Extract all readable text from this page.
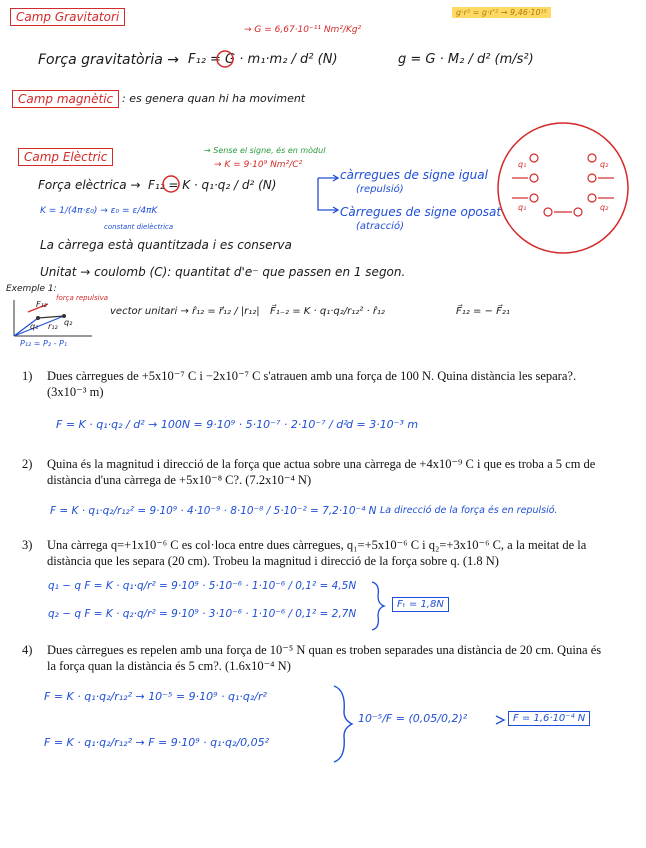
Camp Gravitatori	g·r² = g·r'² → 9,46·10¹⁵
→ G = 6,67·10⁻¹¹ Nm²/Kg²
Força gravitatòria → F₁₂ = G · m₁·m₂ / d² (N)	g = G · M₂ / d² (m/s²)
Camp magnètic : es genera quan hi ha moviment
Camp Elèctric	→ Sense el signe, és en mòdul
→ K = 9·10⁹ Nm²/C²
Força elèctrica → F₁₂ = K · q₁·q₂ / d² (N)
K = 1/(4π·ε₀) → ε₀ = ε/4πK
constant dielèctrica
càrregues de signe igual
(repulsió)
Càrregues de signe oposat
(atracció)
La càrrega està quantitzada i es conserva
Unitat → coulomb (C): quantitat d'e⁻ que passen en 1 segon.
q₁	q₂
q₁	q₂
Exemple 1:
força repulsiva
P₁₂ = P₂ - P₁
F₁₂
r₁₂
q₁	q₂
vector unitari → r̂₁₂ = r⃗₁₂ / |r₁₂| F⃗₁₋₂ = K · q₁·q₂/r₁₂² · r̂₁₂	F⃗₁₂ = − F⃗₂₁
1) Dues càrregues de +5x10⁻⁷ C i −2x10⁻⁷ C s'atrauen amb una força de 100 N. Quina distància les separa?. (3x10⁻³ m)
F = K · q₁·q₂ / d² → 100N = 9·10⁹ · 5·10⁻⁷ · 2·10⁻⁷ / d²
d = 3·10⁻³ m
2) Quina és la magnitud i direcció de la força que actua sobre una càrrega de +4x10⁻⁹ C i que es troba a 5 cm de distància d'una càrrega de +5x10⁻⁸ C?. (7.2x10⁻⁴ N)
F = K · q₁·q₂/r₁₂² = 9·10⁹ · 4·10⁻⁹ · 8·10⁻⁸ / 5·10⁻² = 7,2·10⁻⁴ N La direcció de la força és en repulsió.
3) Una càrrega q=+1x10⁻⁶ C es col·loca entre dues càrregues, q₁=+5x10⁻⁶ C i q₂=+3x10⁻⁶ C, a la meitat de la distància que les separa (20 cm). Trobeu la magnitud i direcció de la força sobre q. (1.8 N)
q₁ − q F = K · q₁·q/r² = 9·10⁹ · 5·10⁻⁶ · 1·10⁻⁶ / 0,1² = 4,5N
q₂ − q F = K · q₂·q/r² = 9·10⁹ · 3·10⁻⁶ · 1·10⁻⁶ / 0,1² = 2,7N
Fₜ = 1,8N
4) Dues càrregues es repelen amb una força de 10⁻⁵ N quan es troben separades una distància de 20 cm. Quina és la força quan la distància és 5 cm?. (1.6x10⁻⁴ N)
F = K · q₁·q₂/r₁₂² → 10⁻⁵ = 9·10⁹ · q₁·q₂/r²
F = K · q₁·q₂/r₁₂² → F = 9·10⁹ · q₁·q₂/0,05²
10⁻⁵/F = (0,05/0,2)²	F = 1,6·10⁻⁴ N
